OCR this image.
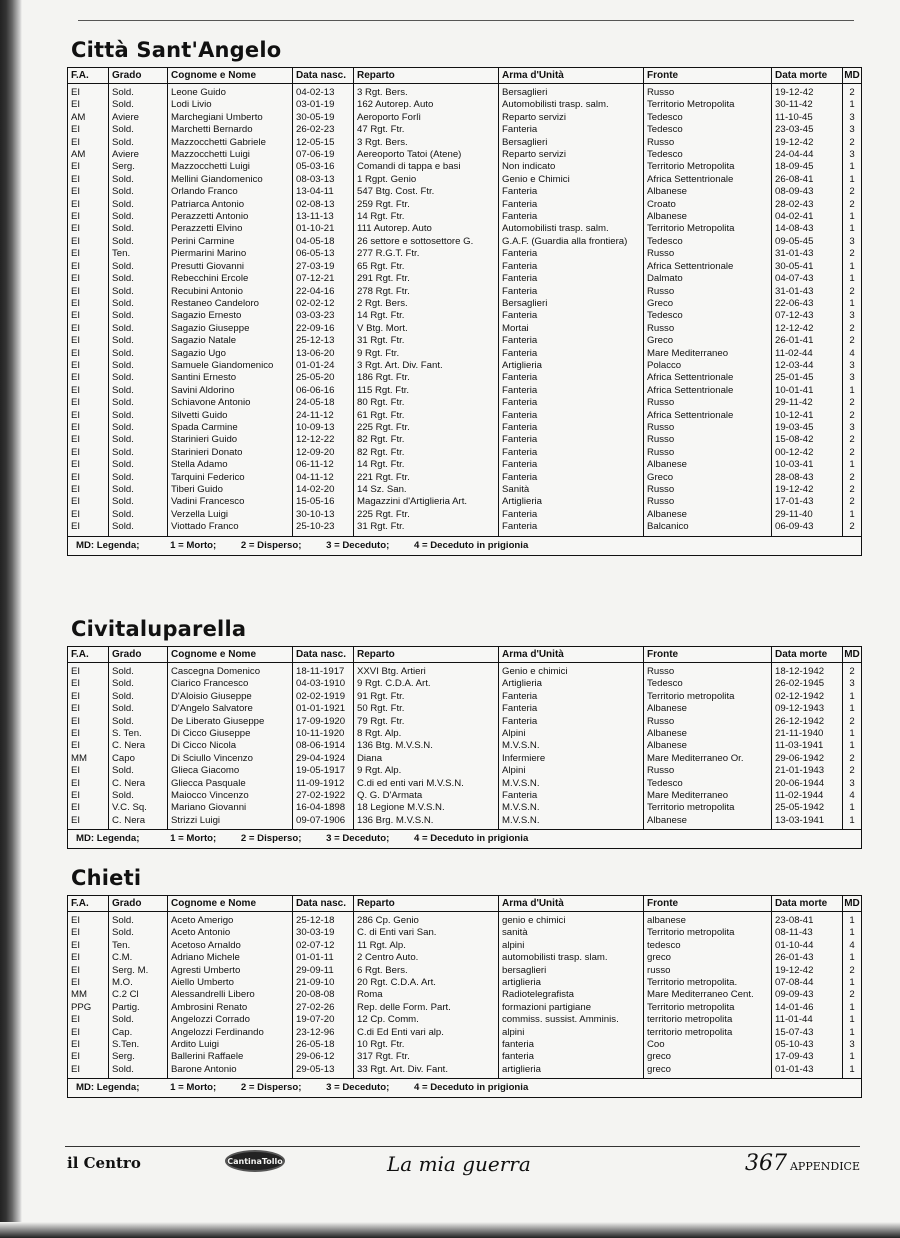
Città Sant'Angelo
F.A.	Grado	Cognome e Nome	Data nasc.	Reparto	Arma d'Unità	Fronte	Data morte	MD
EI	Sold.	Leone Guido	04-02-13	3 Rgt. Bers.	Bersaglieri	Russo	19-12-42	2
EI	Sold.	Lodi Livio	03-01-19	162 Autorep. Auto	Automobilisti trasp. salm.	Territorio Metropolita	30-11-42	1
AM	Aviere	Marchegiani Umberto	30-05-19	Aeroporto Forlì	Reparto servizi	Tedesco	11-10-45	3
EI	Sold.	Marchetti Bernardo	26-02-23	47 Rgt. Ftr.	Fanteria	Tedesco	23-03-45	3
EI	Sold.	Mazzocchetti Gabriele	12-05-15	3 Rgt. Bers.	Bersaglieri	Russo	19-12-42	2
AM	Aviere	Mazzocchetti Luigi	07-06-19	Aereoporto Tatoi (Atene)	Reparto servizi	Tedesco	24-04-44	3
EI	Serg.	Mazzocchetti Luigi	05-03-16	Comandi di tappa e basi	Non indicato	Territorio Metropolita	18-09-45	1
EI	Sold.	Mellini Giandomenico	08-03-13	1 Rgpt. Genio	Genio e Chimici	Africa Settentrionale	26-08-41	1
EI	Sold.	Orlando Franco	13-04-11	547 Btg. Cost. Ftr.	Fanteria	Albanese	08-09-43	2
EI	Sold.	Patriarca Antonio	02-08-13	259 Rgt. Ftr.	Fanteria	Croato	28-02-43	2
EI	Sold.	Perazzetti Antonio	13-11-13	14 Rgt. Ftr.	Fanteria	Albanese	04-02-41	1
EI	Sold.	Perazzetti Elvino	01-10-21	111 Autorep. Auto	Automobilisti trasp. salm.	Territorio Metropolita	14-08-43	1
EI	Sold.	Perini Carmine	04-05-18	26 settore e sottosettore G.	G.A.F. (Guardia alla frontiera)	Tedesco	09-05-45	3
EI	Ten.	Piermarini Marino	06-05-13	277 R.G.T. Ftr.	Fanteria	Russo	31-01-43	2
EI	Sold.	Presutti Giovanni	27-03-19	65 Rgt. Ftr.	Fanteria	Africa Settentrionale	30-05-41	1
EI	Sold.	Rebecchini Ercole	07-12-21	291 Rgt. Ftr.	Fanteria	Dalmato	04-07-43	1
EI	Sold.	Recubini Antonio	22-04-16	278 Rgt. Ftr.	Fanteria	Russo	31-01-43	2
EI	Sold.	Restaneo Candeloro	02-02-12	2 Rgt. Bers.	Bersaglieri	Greco	22-06-43	1
EI	Sold.	Sagazio Ernesto	03-03-23	14 Rgt. Ftr.	Fanteria	Tedesco	07-12-43	3
EI	Sold.	Sagazio Giuseppe	22-09-16	V Btg. Mort.	Mortai	Russo	12-12-42	2
EI	Sold.	Sagazio Natale	25-12-13	31 Rgt. Ftr.	Fanteria	Greco	26-01-41	2
EI	Sold.	Sagazio Ugo	13-06-20	9 Rgt. Ftr.	Fanteria	Mare Mediterraneo	11-02-44	4
EI	Sold.	Samuele Giandomenico	01-01-24	3 Rgt. Art. Div. Fant.	Artiglieria	Polacco	12-03-44	3
EI	Sold.	Santini Ernesto	25-05-20	186 Rgt. Ftr.	Fanteria	Africa Settentrionale	25-01-45	3
EI	Sold.	Savini Aldorino	06-06-16	115 Rgt. Ftr.	Fanteria	Africa Settentrionale	10-01-41	1
EI	Sold.	Schiavone Antonio	24-05-18	80 Rgt. Ftr.	Fanteria	Russo	29-11-42	2
EI	Sold.	Silvetti Guido	24-11-12	61 Rgt. Ftr.	Fanteria	Africa Settentrionale	10-12-41	2
EI	Sold.	Spada Carmine	10-09-13	225 Rgt. Ftr.	Fanteria	Russo	19-03-45	3
EI	Sold.	Starinieri Guido	12-12-22	82 Rgt. Ftr.	Fanteria	Russo	15-08-42	2
EI	Sold.	Starinieri Donato	12-09-20	82 Rgt. Ftr.	Fanteria	Russo	00-12-42	2
EI	Sold.	Stella Adamo	06-11-12	14 Rgt. Ftr.	Fanteria	Albanese	10-03-41	1
EI	Sold.	Tarquini Federico	04-11-12	221 Rgt. Ftr.	Fanteria	Greco	28-08-43	2
EI	Sold.	Tiberi Guido	14-02-20	14 Sz. San.	Sanità	Russo	19-12-42	2
EI	Sold.	Vadini Francesco	15-05-16	Magazzini d'Artiglieria Art.	Artiglieria	Russo	17-01-43	2
EI	Sold.	Verzella Luigi	30-10-13	225 Rgt. Ftr.	Fanteria	Albanese	29-11-40	1
EI	Sold.	Viottado Franco	25-10-23	31 Rgt. Ftr.	Fanteria	Balcanico	06-09-43	2
MD: Legenda;	1 = Morto;	2 = Disperso;	3 = Deceduto;	4 = Deceduto in prigionia
Civitaluparella
F.A.	Grado	Cognome e Nome	Data nasc.	Reparto	Arma d'Unità	Fronte	Data morte	MD
EI	Sold.	Cascegna Domenico	18-11-1917	XXVI Btg. Artieri	Genio e chimici	Russo	18-12-1942	2
EI	Sold.	Ciarico Francesco	04-03-1910	9 Rgt. C.D.A. Art.	Artiglieria	Tedesco	26-02-1945	3
EI	Sold.	D'Aloisio Giuseppe	02-02-1919	91 Rgt. Ftr.	Fanteria	Territorio metropolita	02-12-1942	1
EI	Sold.	D'Angelo Salvatore	01-01-1921	50 Rgt. Ftr.	Fanteria	Albanese	09-12-1943	1
EI	Sold.	De Liberato Giuseppe	17-09-1920	79 Rgt. Ftr.	Fanteria	Russo	26-12-1942	2
EI	S. Ten.	Di Cicco Giuseppe	10-11-1920	8 Rgt. Alp.	Alpini	Albanese	21-11-1940	1
EI	C. Nera	Di Cicco Nicola	08-06-1914	136 Btg. M.V.S.N.	M.V.S.N.	Albanese	11-03-1941	1
MM	Capo	Di Sciullo Vincenzo	29-04-1924	Diana	Infermiere	Mare Mediterraneo Or.	29-06-1942	2
EI	Sold.	Glieca Giacomo	19-05-1917	9 Rgt. Alp.	Alpini	Russo	21-01-1943	2
EI	C. Nera	Gliecca Pasquale	11-09-1912	C.di ed enti vari M.V.S.N.	M.V.S.N.	Tedesco	20-06-1944	3
EI	Sold.	Maiocco Vincenzo	27-02-1922	Q. G. D'Armata	Fanteria	Mare Mediterraneo	11-02-1944	4
EI	V.C. Sq.	Mariano Giovanni	16-04-1898	18 Legione M.V.S.N.	M.V.S.N.	Territorio metropolita	25-05-1942	1
EI	C. Nera	Strizzi Luigi	09-07-1906	136 Brg. M.V.S.N.	M.V.S.N.	Albanese	13-03-1941	1
MD: Legenda;	1 = Morto;	2 = Disperso;	3 = Deceduto;	4 = Deceduto in prigionia
Chieti
F.A.	Grado	Cognome e Nome	Data nasc.	Reparto	Arma d'Unità	Fronte	Data morte	MD
EI	Sold.	Aceto Amerigo	25-12-18	286 Cp. Genio	genio e chimici	albanese	23-08-41	1
EI	Sold.	Aceto Antonio	30-03-19	C. di Enti vari San.	sanità	Territorio metropolita	08-11-43	1
EI	Ten.	Acetoso Arnaldo	02-07-12	11 Rgt. Alp.	alpini	tedesco	01-10-44	4
EI	C.M.	Adriano Michele	01-01-11	2 Centro Auto.	automobilisti trasp. slam.	greco	26-01-43	1
EI	Serg. M.	Agresti Umberto	29-09-11	6 Rgt. Bers.	bersaglieri	russo	19-12-42	2
EI	M.O.	Aiello Umberto	21-09-10	20 Rgt. C.D.A. Art.	artiglieria	Territorio metropolita.	07-08-44	1
MM	C.2 Cl	Alessandrelli Libero	20-08-08	Roma	Radiotelegrafista	Mare Mediterraneo Cent.	09-09-43	2
PPG	Partig.	Ambrosini Renato	27-02-26	Rep. delle Form. Part.	formazioni partigiane	Territorio metropolita	14-01-46	1
EI	Sold.	Angelozzi Corrado	19-07-20	12 Cp. Comm.	commiss. sussist. Amminis.	territorio metropolita	11-01-44	1
EI	Cap.	Angelozzi Ferdinando	23-12-96	C.di Ed Enti vari alp.	alpini	territorio metropolita	15-07-43	1
EI	S.Ten.	Ardito Luigi	26-05-18	10 Rgt. Ftr.	fanteria	Coo	05-10-43	3
EI	Serg.	Ballerini Raffaele	29-06-12	317 Rgt. Ftr.	fanteria	greco	17-09-43	1
EI	Sold.	Barone Antonio	29-05-13	33 Rgt. Art. Div. Fant.	artiglieria	greco	01-01-43	1
MD: Legenda;	1 = Morto;	2 = Disperso;	3 = Deceduto;	4 = Deceduto in prigionia
il Centro	CantinaTollo	La mia guerra	367 APPENDICE
